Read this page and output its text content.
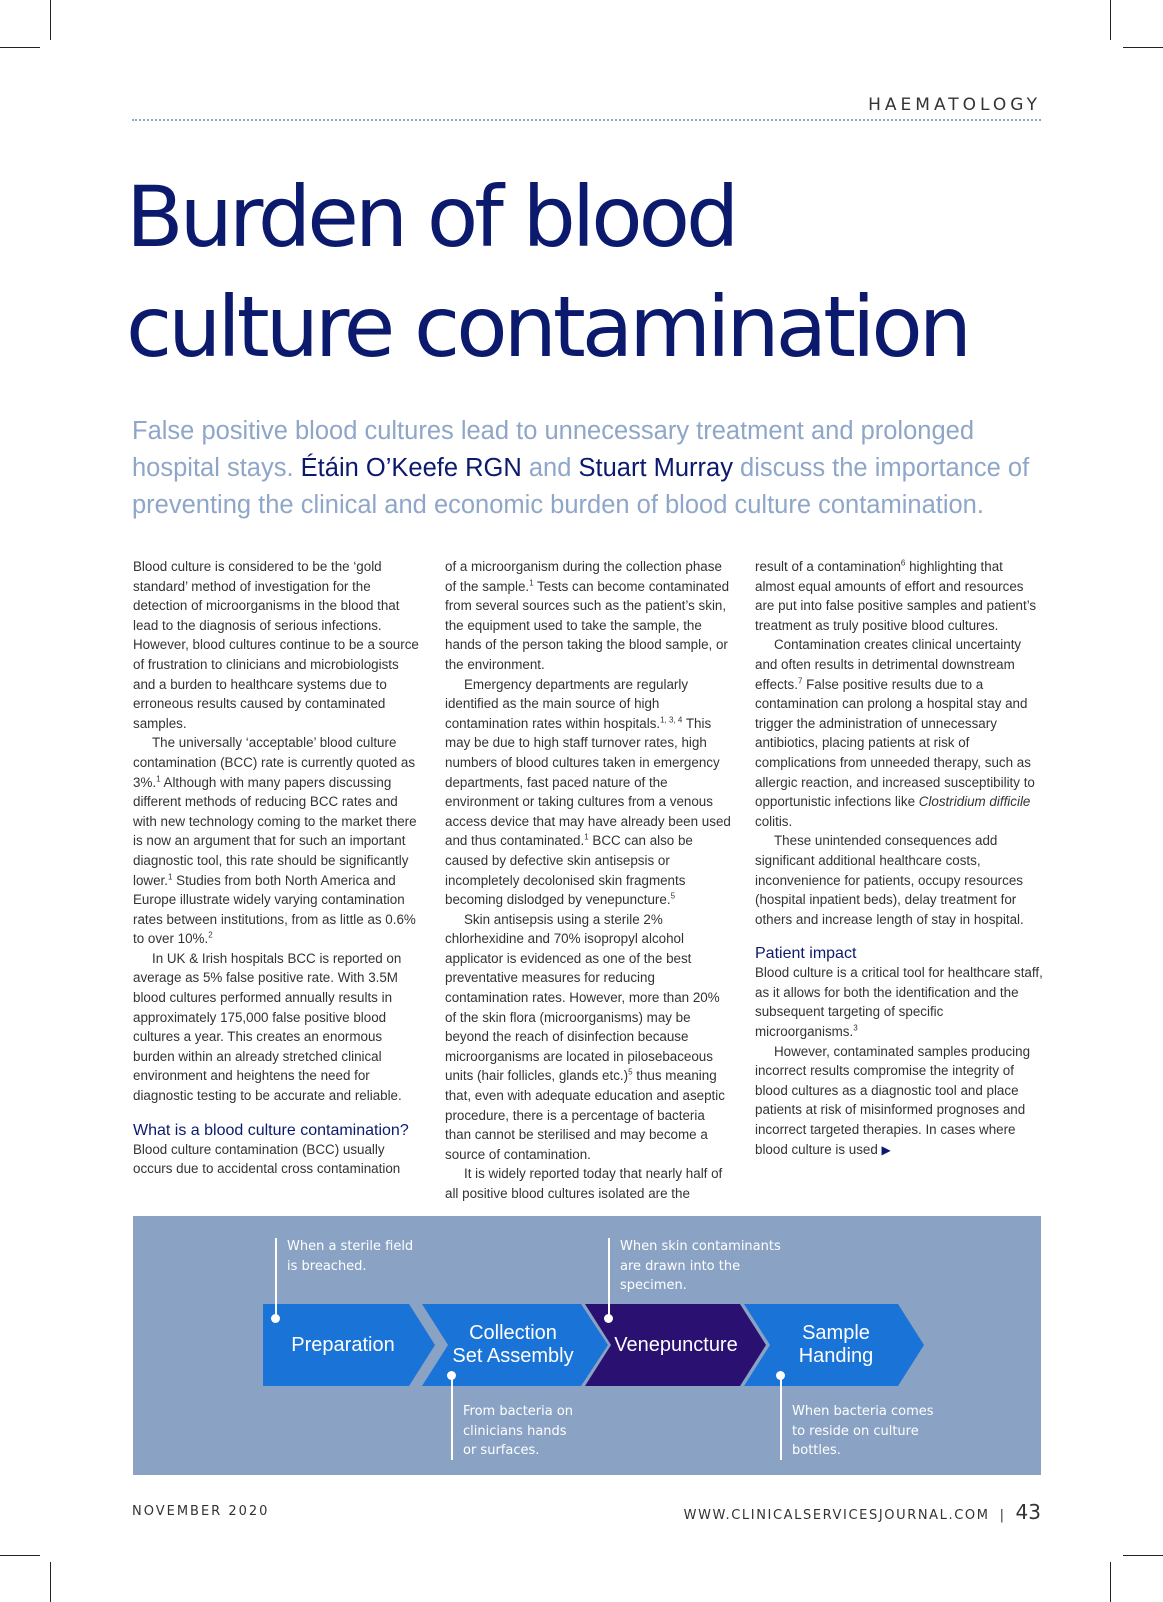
HAEMATOLOGY
Burden of blood
culture contamination

False positive blood cultures lead to unnecessary treatment and prolonged hospital stays. Étáin O’Keefe RGN and Stuart Murray discuss the importance of preventing the clinical and economic burden of blood culture contamination.

Blood culture is considered to be the ‘gold standard’ method of investigation for the detection of microorganisms in the blood that lead to the diagnosis of serious infections. However, blood cultures continue to be a source of frustration to clinicians and microbiologists and a burden to healthcare systems due to erroneous results caused by contaminated samples.

The universally ‘acceptable’ blood culture contamination (BCC) rate is currently quoted as 3%.$^1$ Although with many papers discussing different methods of reducing BCC rates and with new technology coming to the market there is now an argument that for such an important diagnostic tool, this rate should be significantly lower.$^1$ Studies from both North America and Europe illustrate widely varying contamination rates between institutions, from as little as 0.6% to over 10%.$^2$

In UK & Irish hospitals BCC is reported on average as 5% false positive rate. With 3.5M blood cultures performed annually results in approximately 175,000 false positive blood cultures a year. This creates an enormous burden within an already stretched clinical environment and heightens the need for diagnostic testing to be accurate and reliable.

What is a blood culture contamination?

Blood culture contamination (BCC) usually occurs due to accidental cross contamination

of a microorganism during the collection phase of the sample.$^1$ Tests can become contaminated from several sources such as the patient’s skin, the equipment used to take the sample, the hands of the person taking the blood sample, or the environment.

Emergency departments are regularly identified as the main source of high contamination rates within hospitals.$^{1, 3, 4}$ This may be due to high staff turnover rates, high numbers of blood cultures taken in emergency departments, fast paced nature of the environment or taking cultures from a venous access device that may have already been used and thus contaminated.$^1$ BCC can also be caused by defective skin antisepsis or incompletely decolonised skin fragments becoming dislodged by venepuncture.$^5$

Skin antisepsis using a sterile 2% chlorhexidine and 70% isopropyl alcohol applicator is evidenced as one of the best preventative measures for reducing contamination rates. However, more than 20% of the skin flora (microorganisms) may be beyond the reach of disinfection because microorganisms are located in pilosebaceous units (hair follicles, glands etc.)$^5$ thus meaning that, even with adequate education and aseptic procedure, there is a percentage of bacteria than cannot be sterilised and may become a source of contamination.

It is widely reported today that nearly half of all positive blood cultures isolated are the

result of a contamination$^6$ highlighting that almost equal amounts of effort and resources are put into false positive samples and patient’s treatment as truly positive blood cultures.

Contamination creates clinical uncertainty and often results in detrimental downstream effects.$^7$ False positive results due to a contamination can prolong a hospital stay and trigger the administration of unnecessary antibiotics, placing patients at risk of complications from unneeded therapy, such as allergic reaction, and increased susceptibility to opportunistic infections like Clostridium difficile colitis.

These unintended consequences add significant additional healthcare costs, inconvenience for patients, occupy resources (hospital inpatient beds), delay treatment for others and increase length of stay in hospital.

Patient impact

Blood culture is a critical tool for healthcare staff, as it allows for both the identification and the subsequent targeting of specific microorganisms.$^3$

However, contaminated samples producing incorrect results compromise the integrity of blood cultures as a diagnostic tool and place patients at risk of misinformed prognoses and incorrect targeted therapies. In cases where blood culture is used ▶

Preparation
Collection
Set Assembly
Venepuncture
Sample
Handing
When a sterile field
is breached.
When skin contaminants
are drawn into the
specimen.
From bacteria on
clinicians hands
or surfaces.
When bacteria comes
to reside on culture
bottles.
NOVEMBER 2020	WWW.CLINICALSERVICESJOURNAL.COM | 43
